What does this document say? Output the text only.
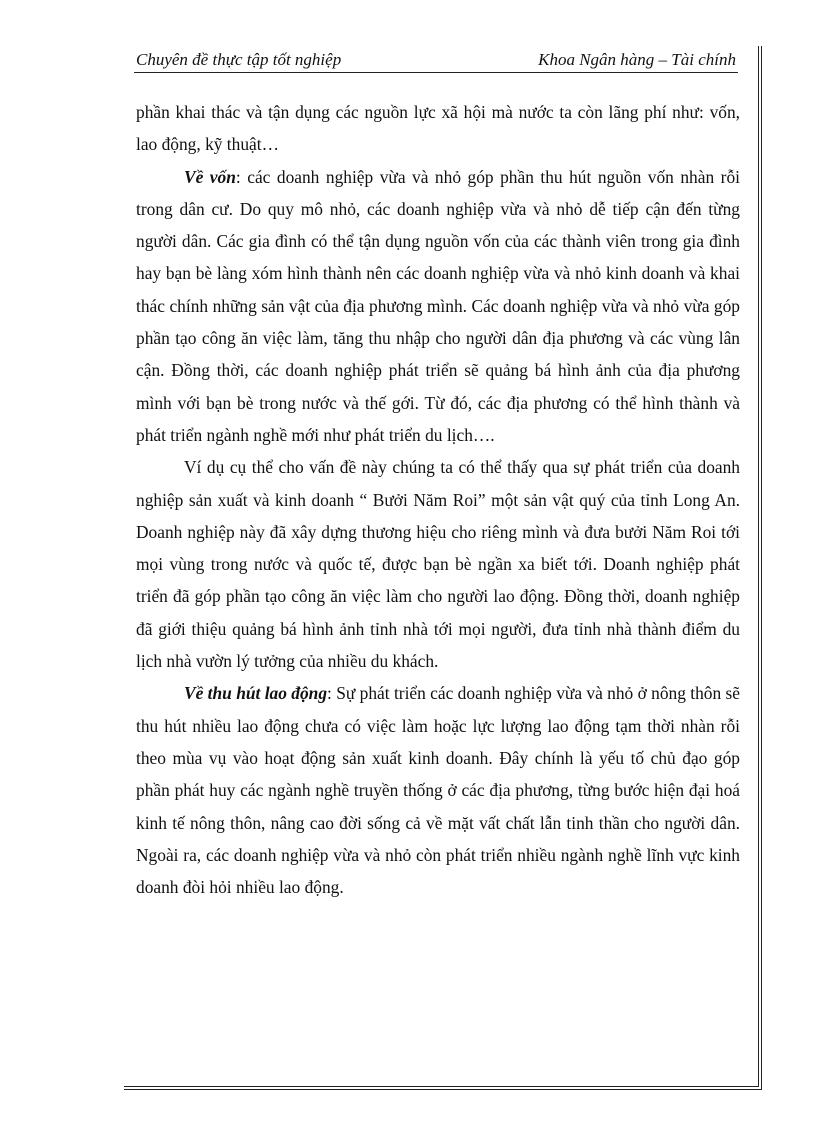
Chuyên đề thực tập tốt nghiệp	Khoa Ngân hàng – Tài chính

phần khai thác và tận dụng các nguồn lực xã hội mà nước ta còn lãng phí như: vốn, lao động, kỹ thuật…

Về vốn: các doanh nghiệp vừa và nhỏ góp phần thu hút nguồn vốn nhàn rỗi trong dân cư. Do quy mô nhỏ, các doanh nghiệp vừa và nhỏ dễ tiếp cận đến từng người dân. Các gia đình có thể tận dụng nguồn vốn của các thành viên trong gia đình hay bạn bè làng xóm hình thành nên các doanh nghiệp vừa và nhỏ kinh doanh và khai thác chính những sản vật của địa phương mình. Các doanh nghiệp vừa và nhỏ vừa góp phần tạo công ăn việc làm, tăng thu nhập cho người dân địa phương và các vùng lân cận. Đồng thời, các doanh nghiệp phát triển sẽ quảng bá hình ảnh của địa phương mình với bạn bè trong nước và thế gới. Từ đó, các địa phương có thể hình thành và phát triển ngành nghề mới như phát triển du lịch….

Ví dụ cụ thể cho vấn đề này chúng ta có thể thấy qua sự phát triển của doanh nghiệp sản xuất và kinh doanh “ Bưởi Năm Roi” một sản vật quý của tỉnh Long An. Doanh nghiệp này đã xây dựng thương hiệu cho riêng mình và đưa bưởi Năm Roi tới mọi vùng trong nước và quốc tế, được bạn bè ngần xa biết tới. Doanh nghiệp phát triển đã góp phần tạo công ăn việc làm cho người lao động. Đồng thời, doanh nghiệp đã giới thiệu quảng bá hình ảnh tỉnh nhà tới mọi người, đưa tỉnh nhà thành điểm du lịch nhà vườn lý tưởng của nhiều du khách.

Về thu hút lao động: Sự phát triển các doanh nghiệp vừa và nhỏ ở nông thôn sẽ thu hút nhiều lao động chưa có việc làm hoặc lực lượng lao động tạm thời nhàn rỗi theo mùa vụ vào hoạt động sản xuất kinh doanh. Đây chính là yếu tố chủ đạo góp phần phát huy các ngành nghề truyền thống ở các địa phương, từng bước hiện đại hoá kinh tế nông thôn, nâng cao đời sống cả về mặt vất chất lẫn tinh thần cho người dân. Ngoài ra, các doanh nghiệp vừa và nhỏ còn phát triển nhiều ngành nghề lĩnh vực kinh doanh đòi hỏi nhiều lao động.
